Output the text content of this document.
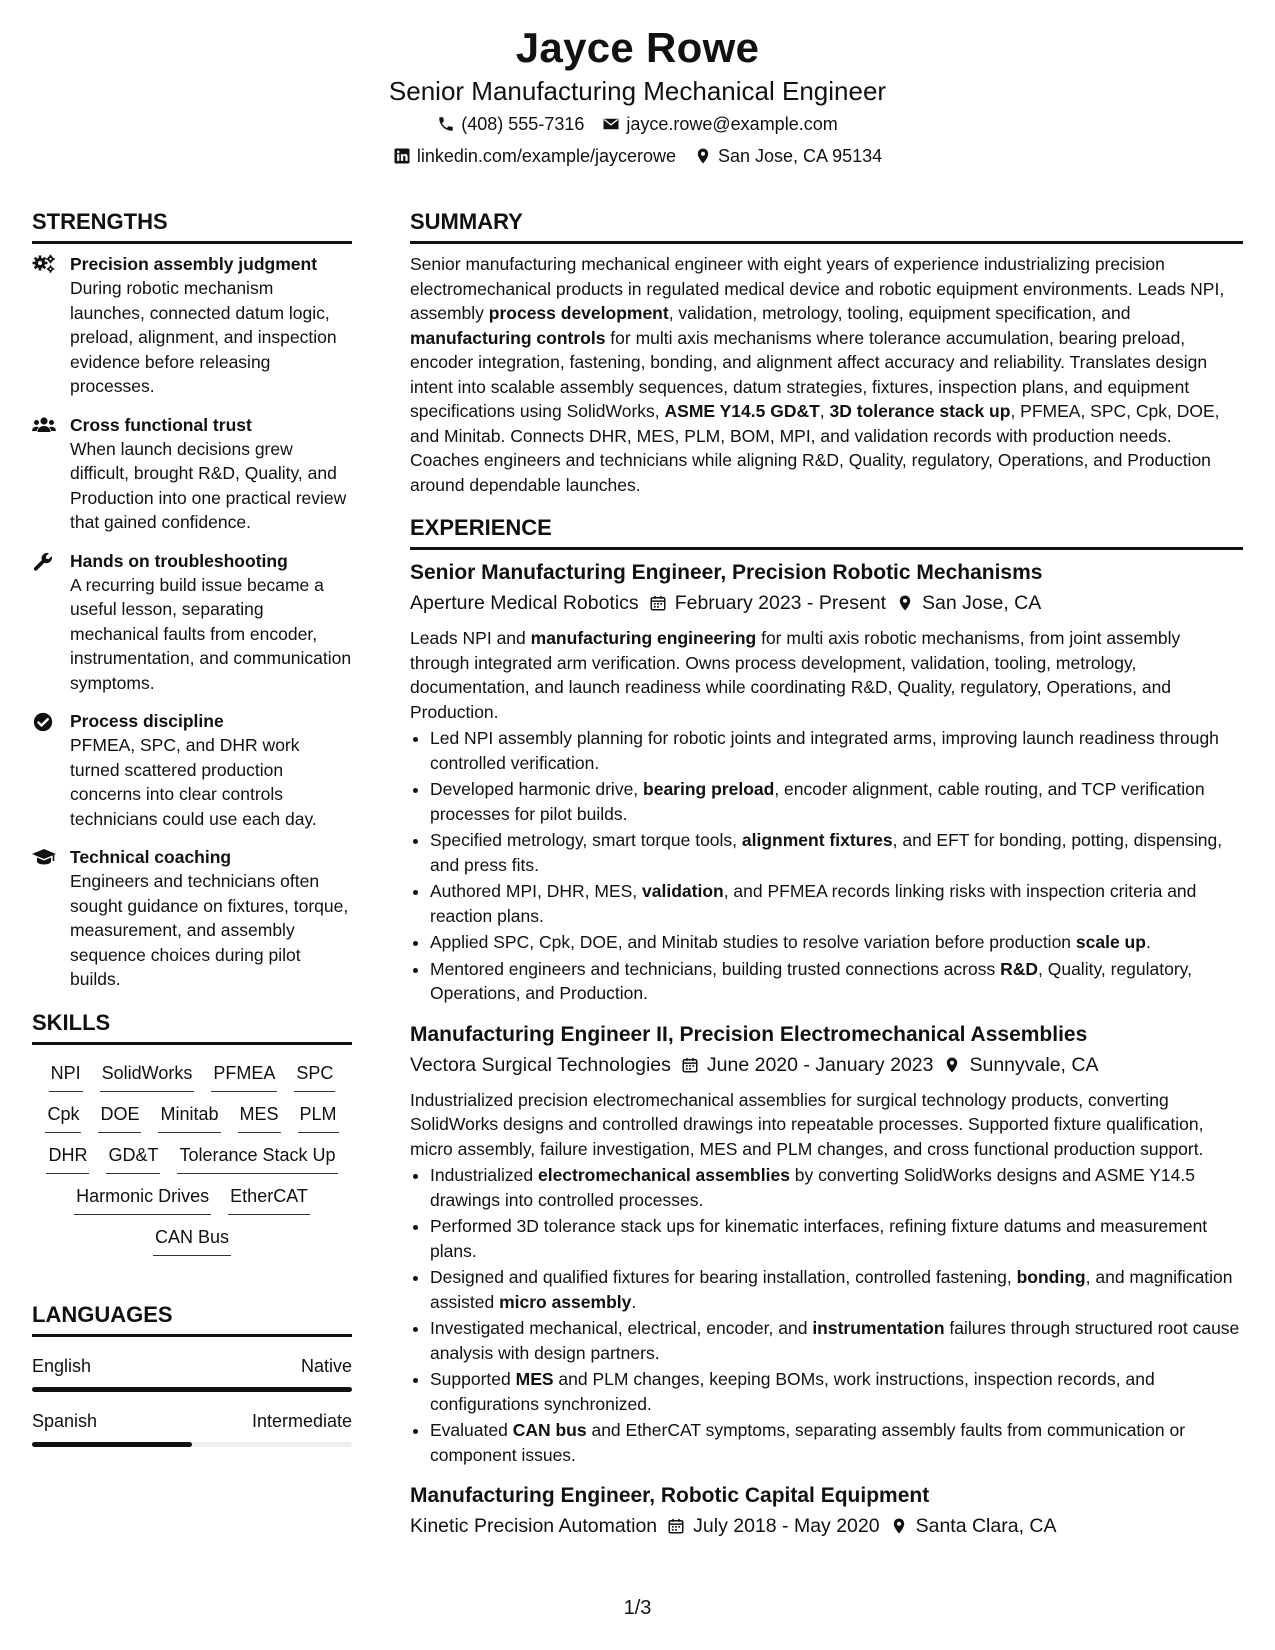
Jayce Rowe
Senior Manufacturing Mechanical Engineer
(408) 555-7316 jayce.rowe@example.com
linkedin.com/example/jaycerowe San Jose, CA 95134
STRENGTHS
Precision assembly judgment
During robotic mechanism launches, connected datum logic, preload, alignment, and inspection evidence before releasing processes.
Cross functional trust
When launch decisions grew difficult, brought R&D, Quality, and Production into one practical review that gained confidence.
Hands on troubleshooting
A recurring build issue became a useful lesson, separating mechanical faults from encoder, instrumentation, and communication symptoms.
Process discipline
PFMEA, SPC, and DHR work turned scattered production concerns into clear controls technicians could use each day.
Technical coaching
Engineers and technicians often sought guidance on fixtures, torque, measurement, and assembly sequence choices during pilot builds.
SKILLS
NPI SolidWorks PFMEA SPC
Cpk DOE Minitab MES PLM
DHR GD&T Tolerance Stack Up
Harmonic Drives EtherCAT
CAN Bus
LANGUAGES
English	Native
Spanish	Intermediate
SUMMARY
Senior manufacturing mechanical engineer with eight years of experience industrializing precision electromechanical products in regulated medical device and robotic equipment environments. Leads NPI, assembly process development, validation, metrology, tooling, equipment specification, and manufacturing controls for multi axis mechanisms where tolerance accumulation, bearing preload, encoder integration, fastening, bonding, and alignment affect accuracy and reliability. Translates design intent into scalable assembly sequences, datum strategies, fixtures, inspection plans, and equipment specifications using SolidWorks, ASME Y14.5 GD&T, 3D tolerance stack up, PFMEA, SPC, Cpk, DOE, and Minitab. Connects DHR, MES, PLM, BOM, MPI, and validation records with production needs. Coaches engineers and technicians while aligning R&D, Quality, regulatory, Operations, and Production around dependable launches.
EXPERIENCE
Senior Manufacturing Engineer, Precision Robotic Mechanisms
Aperture Medical Robotics February 2023 - Present San Jose, CA
Leads NPI and manufacturing engineering for multi axis robotic mechanisms, from joint assembly through integrated arm verification. Owns process development, validation, tooling, metrology, documentation, and launch readiness while coordinating R&D, Quality, regulatory, Operations, and Production.
• Led NPI assembly planning for robotic joints and integrated arms, improving launch readiness through controlled verification.
• Developed harmonic drive, bearing preload, encoder alignment, cable routing, and TCP verification processes for pilot builds.
• Specified metrology, smart torque tools, alignment fixtures, and EFT for bonding, potting, dispensing, and press fits.
• Authored MPI, DHR, MES, validation, and PFMEA records linking risks with inspection criteria and reaction plans.
• Applied SPC, Cpk, DOE, and Minitab studies to resolve variation before production scale up.
• Mentored engineers and technicians, building trusted connections across R&D, Quality, regulatory, Operations, and Production.
Manufacturing Engineer II, Precision Electromechanical Assemblies
Vectora Surgical Technologies June 2020 - January 2023 Sunnyvale, CA
Industrialized precision electromechanical assemblies for surgical technology products, converting SolidWorks designs and controlled drawings into repeatable processes. Supported fixture qualification, micro assembly, failure investigation, MES and PLM changes, and cross functional production support.
• Industrialized electromechanical assemblies by converting SolidWorks designs and ASME Y14.5 drawings into controlled processes.
• Performed 3D tolerance stack ups for kinematic interfaces, refining fixture datums and measurement plans.
• Designed and qualified fixtures for bearing installation, controlled fastening, bonding, and magnification assisted micro assembly.
• Investigated mechanical, electrical, encoder, and instrumentation failures through structured root cause analysis with design partners.
• Supported MES and PLM changes, keeping BOMs, work instructions, inspection records, and configurations synchronized.
• Evaluated CAN bus and EtherCAT symptoms, separating assembly faults from communication or component issues.
Manufacturing Engineer, Robotic Capital Equipment
Kinetic Precision Automation July 2018 - May 2020 Santa Clara, CA
1/3
